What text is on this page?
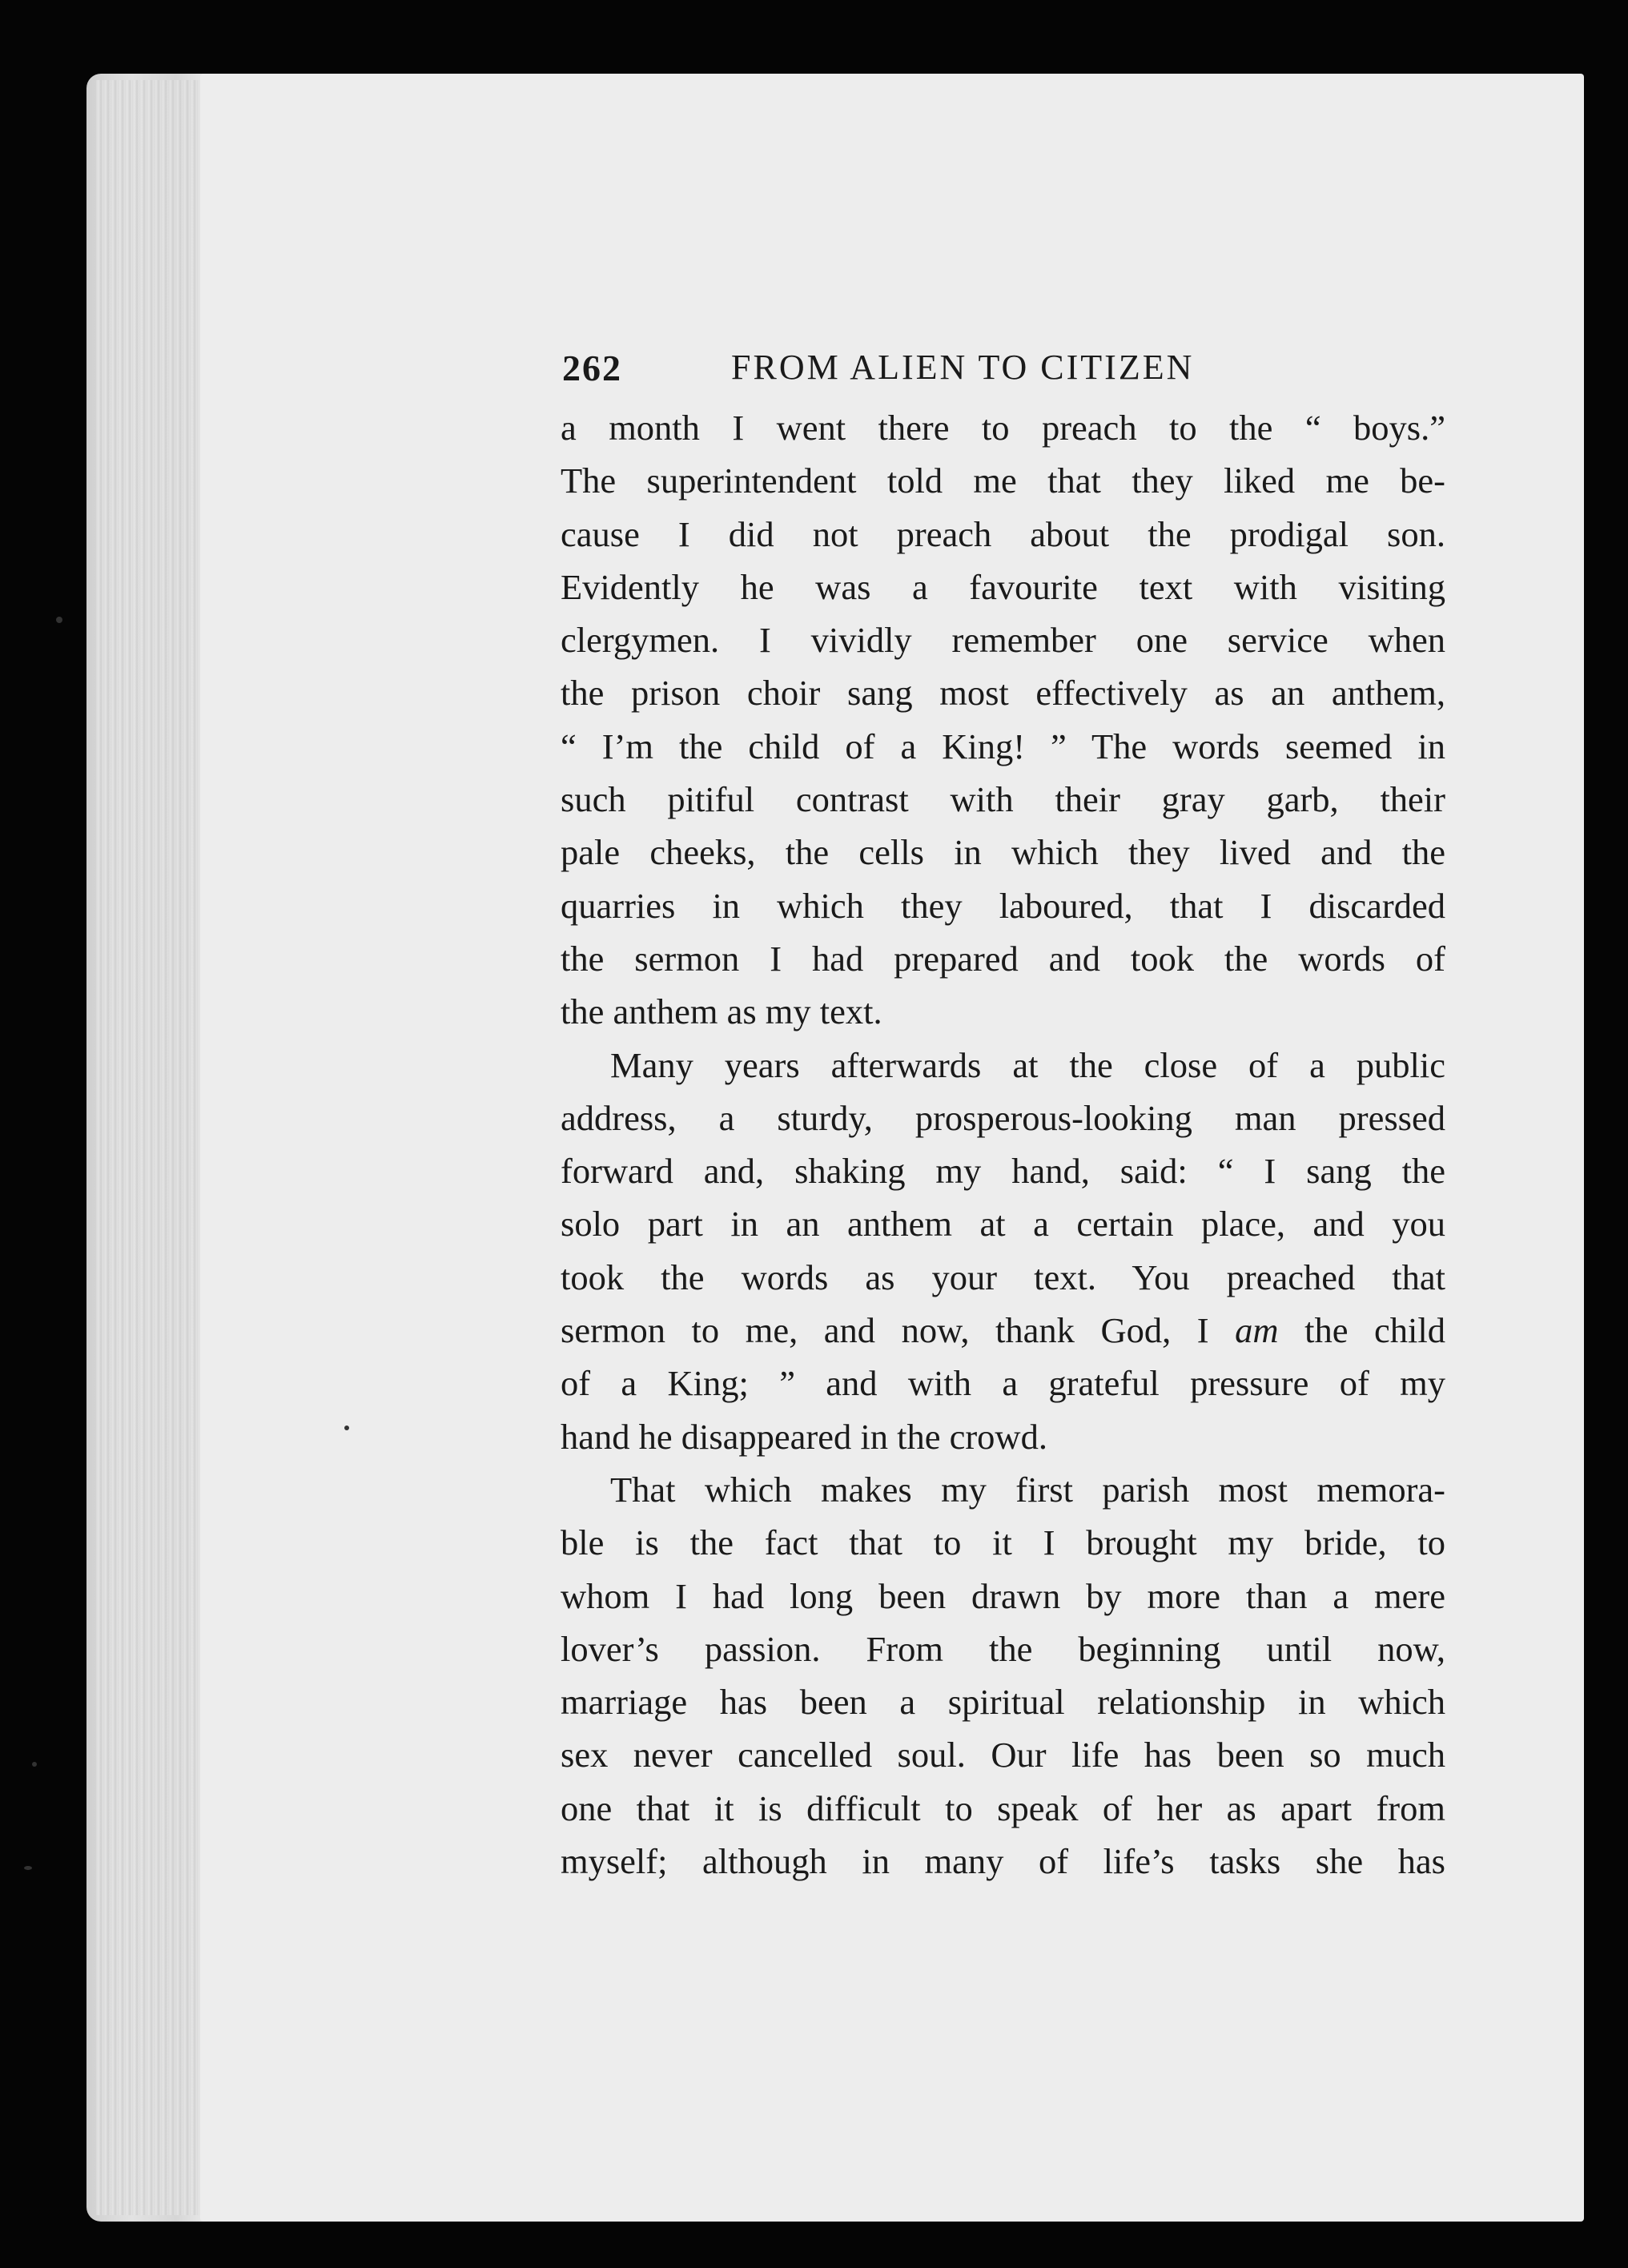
262	FROM ALIEN TO CITIZEN

a month I went there to preach to the “ boys.”
The superintendent told me that they liked me be-
cause I did not preach about the prodigal son.
Evidently he was a favourite text with visiting
clergymen. I vividly remember one service when
the prison choir sang most effectively as an anthem,
“ I’m the child of a King! ” The words seemed in
such pitiful contrast with their gray garb, their
pale cheeks, the cells in which they lived and the
quarries in which they laboured, that I discarded
the sermon I had prepared and took the words of
the anthem as my text.

Many years afterwards at the close of a public
address, a sturdy, prosperous-looking man pressed
forward and, shaking my hand, said: “ I sang the
solo part in an anthem at a certain place, and you
took the words as your text. You preached that
sermon to me, and now, thank God, I am the child
of a King; ” and with a grateful pressure of my
hand he disappeared in the crowd.

That which makes my first parish most memora-
ble is the fact that to it I brought my bride, to
whom I had long been drawn by more than a mere
lover’s passion. From the beginning until now,
marriage has been a spiritual relationship in which
sex never cancelled soul. Our life has been so much
one that it is difficult to speak of her as apart from
myself; although in many of life’s tasks she has
